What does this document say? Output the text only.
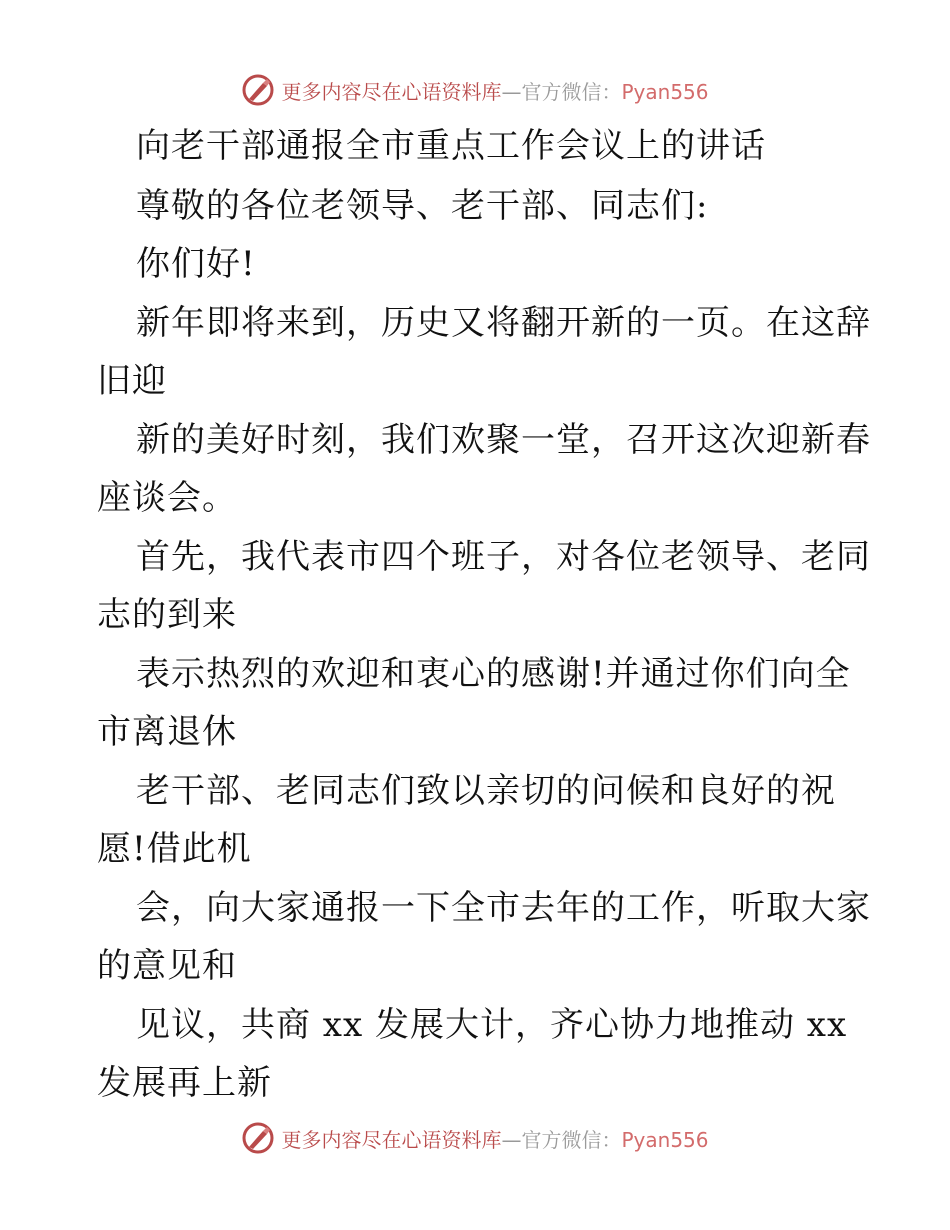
更多内容尽在心语资料库—官方微信：Pyan556
向老干部通报全市重点工作会议上的讲话
尊敬的各位老领导、老干部、同志们:
你们好!
新年即将来到，历史又将翻开新的一页。在这辞
旧迎
新的美好时刻，我们欢聚一堂，召开这次迎新春
座谈会。
首先，我代表市四个班子，对各位老领导、老同
志的到来
表示热烈的欢迎和衷心的感谢!并通过你们向全
市离退休
老干部、老同志们致以亲切的问候和良好的祝
愿!借此机
会，向大家通报一下全市去年的工作，听取大家
的意见和
见议，共商 xx 发展大计，齐心协力地推动 xx
发展再上新
更多内容尽在心语资料库—官方微信：Pyan556
